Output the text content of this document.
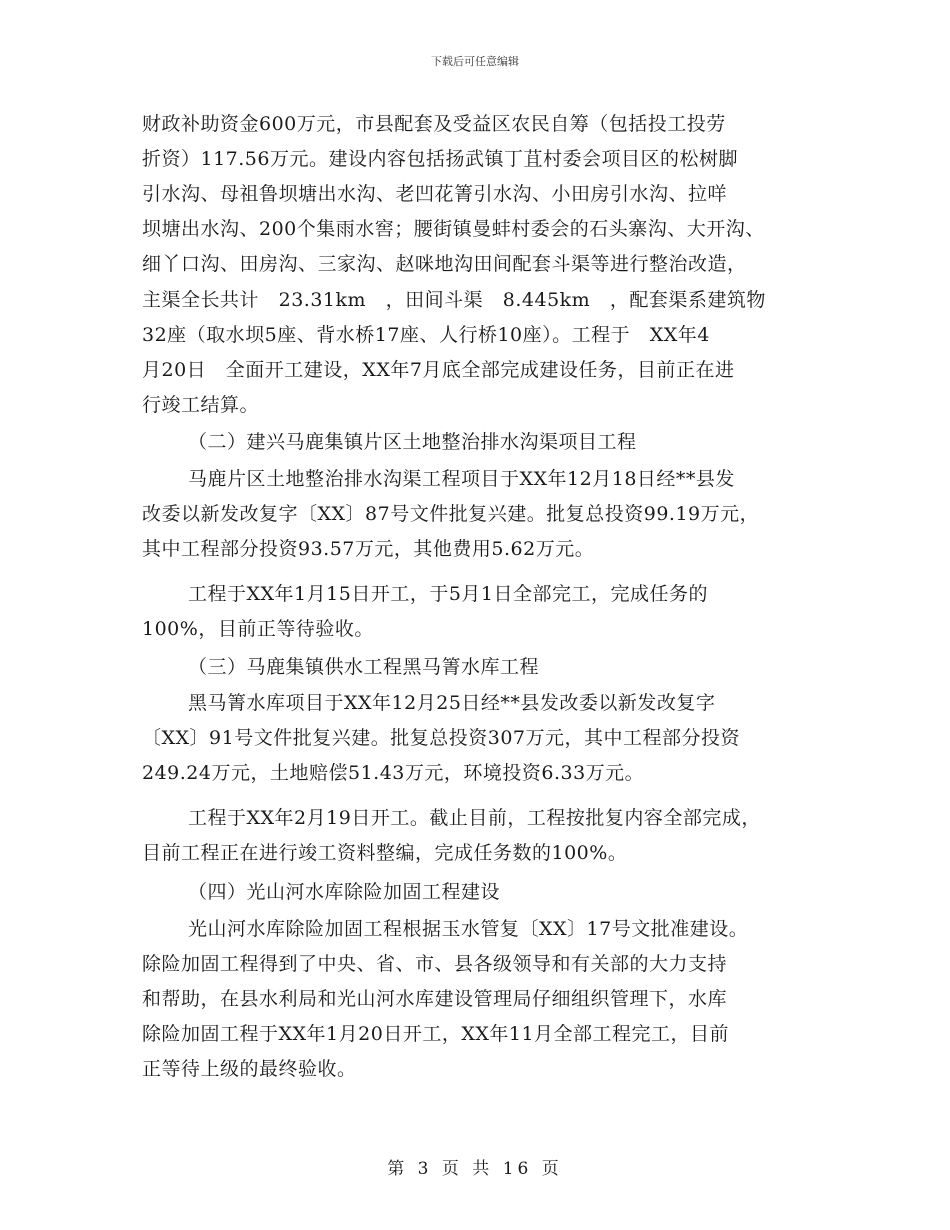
下载后可任意编辑
财政补助资金600万元，市县配套及受益区农民自筹（包括投工投劳
折资）117.56万元。建设内容包括扬武镇丁苴村委会项目区的松树脚
引水沟、母祖鲁坝塘出水沟、老凹花箐引水沟、小田房引水沟、拉咩
坝塘出水沟、200个集雨水窖；腰街镇曼蚌村委会的石头寨沟、大开沟、
细丫口沟、田房沟、三家沟、赵咪地沟田间配套斗渠等进行整治改造，
主渠全长共计   23.31km   ，田间斗渠   8.445km   ，配套渠系建筑物
32座（取水坝5座、背水桥17座、人行桥10座）。工程于   XX年4
月20日   全面开工建设，XX年7月底全部完成建设任务，目前正在进
行竣工结算。
（二）建兴马鹿集镇片区土地整治排水沟渠项目工程
马鹿片区土地整治排水沟渠工程项目于XX年12月18日经**县发
改委以新发改复字〔XX〕87号文件批复兴建。批复总投资99.19万元，
其中工程部分投资93.57万元，其他费用5.62万元。
工程于XX年1月15日开工，于5月1日全部完工，完成任务的
100%，目前正等待验收。
（三）马鹿集镇供水工程黑马箐水库工程
黑马箐水库项目于XX年12月25日经**县发改委以新发改复字
〔XX〕91号文件批复兴建。批复总投资307万元，其中工程部分投资
249.24万元，土地赔偿51.43万元，环境投资6.33万元。
工程于XX年2月19日开工。截止目前，工程按批复内容全部完成，
目前工程正在进行竣工资料整编，完成任务数的100%。
（四）光山河水库除险加固工程建设
光山河水库除险加固工程根据玉水管复〔XX〕17号文批准建设。
除险加固工程得到了中央、省、市、县各级领导和有关部的大力支持
和帮助，在县水利局和光山河水库建设管理局仔细组织管理下，水库
除险加固工程于XX年1月20日开工，XX年11月全部工程完工，目前
正等待上级的最终验收。
第 3 页 共 16 页
